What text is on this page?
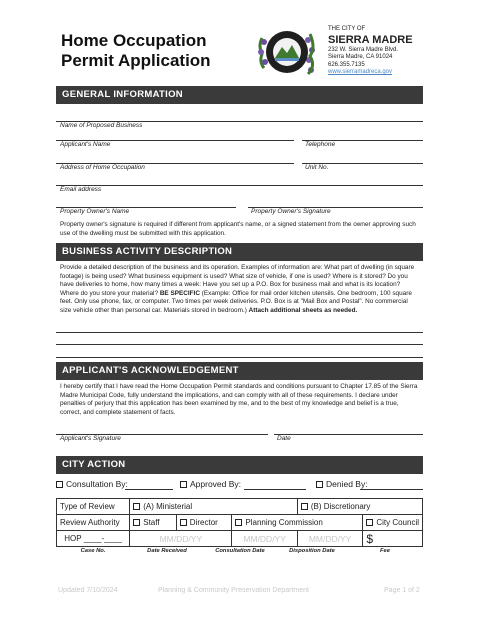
Home Occupation
Permit Application
THE CITY OF
SIERRA MADRE
232 W. Sierra Madre Blvd.
Sierra Madre, CA 91024
626.355.7135
www.sierramadreca.gov
GENERAL INFORMATION
Name of Proposed Business
Applicant's Name	Telephone
Address of Home Occupation	Unit No.
Email address
Property Owner's Name	Property Owner's Signature
Property owner's signature is required if different from applicant's name, or a signed statement from the owner approving such use of the dwelling must be submitted with this application.
BUSINESS ACTIVITY DESCRIPTION
Provide a detailed description of the business and its operation. Examples of information are: What part of dwelling (in square footage) is being used? What business equipment is used? What size of vehicle, if one is used? Where is it stored? Do you have deliveries to home, how many times a week: Have you set up a P.O. Box for business mail and what is its location? Where do you store your material? BE SPECIFIC (Example: Office for mail order kitchen utensils. One bedroom, 100 square feet. Only use phone, fax, or computer. Two times per week deliveries. P.O. Box is at "Mail Box and Postal". No commercial size vehicle other than personal car. Materials stored in bedroom.) Attach additional sheets as needed.
APPLICANT'S ACKNOWLEDGEMENT
I hereby certify that I have read the Home Occupation Permit standards and conditions pursuant to Chapter 17.85 of the Sierra Madre Municipal Code, fully understand the implications, and can comply with all of these requirements. I declare under penalties of perjury that this application has been examined by me, and to the best of my knowledge and belief is a true, correct, and complete statement of facts.
Applicant's Signature	Date
CITY ACTION
Consultation By:	Approved By:	Denied By:
Type of Review	(A) Ministerial			(B) Discretionary	
Review Authority	Staff	Director	Planning Commission		City Council
HOP ____-____	MM/DD/YY		MM/DD/YY	MM/DD/YY	$
Case No.	Date Received	Consultation Date	Disposition Date	Fee
Updated 7/10/2024	Planning & Community Preservation Department	Page 1 of 2
